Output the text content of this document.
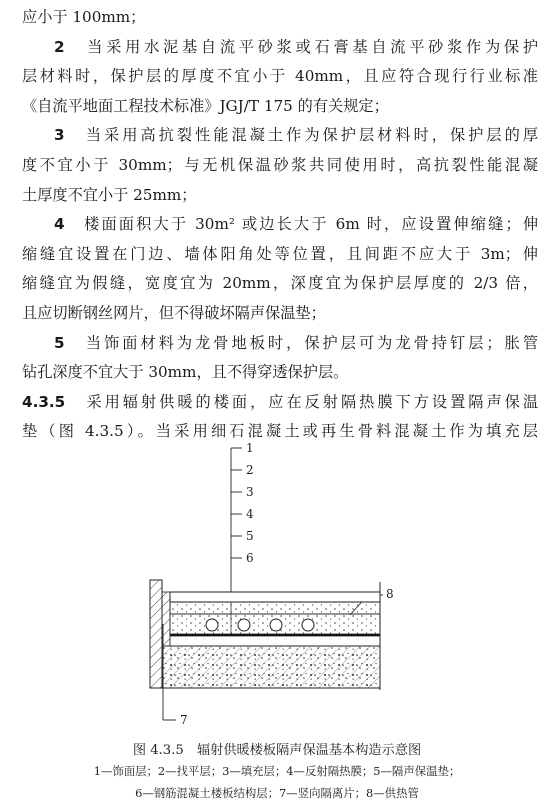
应小于 100mm；

2　 当采用水泥基自流平砂浆或石膏基自流平砂浆作为保护

层材料时，保护层的厚度不宜小于 40mm，且应符合现行行业标准

《自流平地面工程技术标准》JGJ/T 175 的有关规定；

3　 当采用高抗裂性能混凝土作为保护层材料时，保护层的厚

度不宜小于 30mm；与无机保温砂浆共同使用时，高抗裂性能混凝

土厚度不宜小于 25mm；

4　 楼面面积大于 30m² 或边长大于 6m 时，应设置伸缩缝；伸

缩缝宜设置在门边、墙体阳角处等位置，且间距不应大于 3m；伸

缩缝宜为假缝，宽度宜为 20mm，深度宜为保护层厚度的 2/3 倍，

且应切断钢丝网片，但不得破坏隔声保温垫；

5　 当饰面材料为龙骨地板时，保护层可为龙骨持钉层；胀管

钻孔深度不宜大于 30mm，且不得穿透保护层。

4.3.5　 采用辐射供暖的楼面，应在反射隔热膜下方设置隔声保温

垫（图 4.3.5）。当采用细石混凝土或再生骨料混凝土作为填充层

1
2
3
4
5
6
7
8
图 4.3.5　辐射供暖楼板隔声保温基本构造示意图
1—饰面层；2—找平层；3—填充层；4—反射隔热膜；5—隔声保温垫；
6—钢筋混凝土楼板结构层；7—竖向隔离片；8—供热管
